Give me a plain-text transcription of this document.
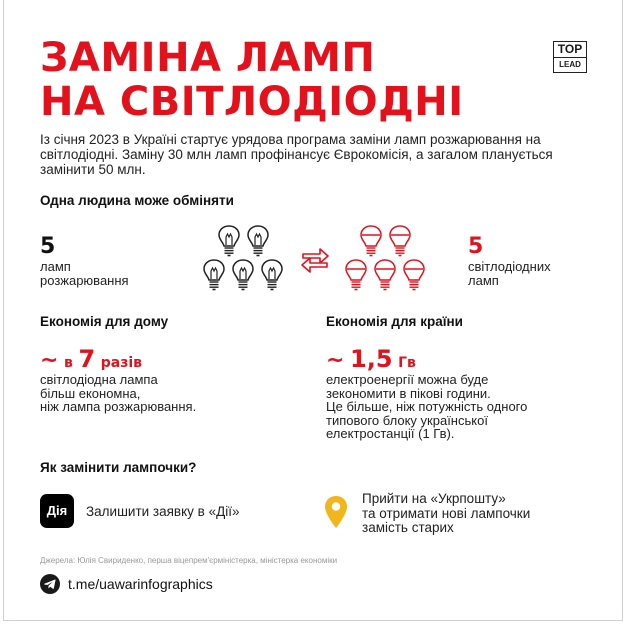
ЗАМІНА ЛАМП
НА СВІТЛОДІОДНІ
TOP
LEAD

Із січня 2023 в Україні стартує урядова програма заміни ламп розжарювання на світлодіодні. Заміну 30 млн ламп профінансує Єврокомісія, а загалом планується замінити 50 млн.

Одна людина може обміняти
5
ламп
розжарювання
5
світлодіодних
ламп
Економія для дому
~ в 7 разів
світлодіодна лампа
більш економна,
ніж лампа розжарювання.
Економія для країни
~ 1,5 Гв
електроенергії можна буде
зекономити в пікові години.
Це більше, ніж потужність одного
типового блоку української
електростанції (1 Гв).
Як замінити лампочки?
Дія	Залишити заявку в «Дії»
Прийти на «Укрпошту»
та отримати нові лампочки
замість старих
Джерела: Юлія Свириденко, перша віцепрем'єрміністерка, міністерка економіки
t.me/uawarinfographics
